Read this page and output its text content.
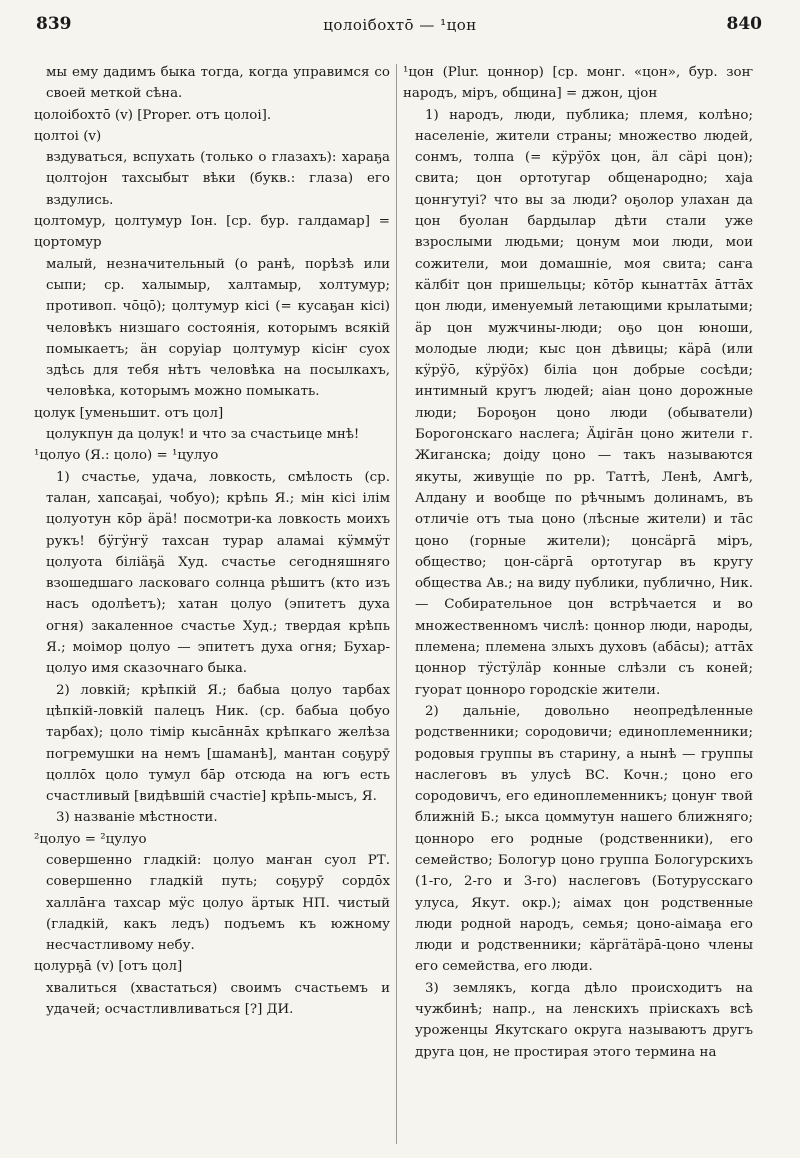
839	цолоібохтō — ¹цон	840

мы ему дадимъ быка тогда, когда управимся со своей меткой сѣна.

цолоібохтō (v) [Proper. отъ цолоі].

цолтоі (v)

вздуваться, вспухать (только о глазахъ): хараҕа цолтојон тахсыбыт вѣки (букв.: глаза) его вздулись.

цолтомур, цолтумур Іон. [ср. бур. галдамар] = цортомур

малый, незначительный (о ранѣ, порѣзѣ или сыпи; ср. халымыр, халтамыр, холтумур; противоп. чōцō); цолтумур кісі (= кусаҕан кісі) человѣкъ низшаго состоянія, которымъ всякій помыкаетъ; ӓн соруіар цолтумур кісіҥ суох здѣсь для тебя нѣтъ человѣка на посылкахъ, человѣка, которымъ можно помыкать.

цолук [уменьшит. отъ цол]

цолукпун да цолук! и что за счастьице мнѣ!

¹цолуо (Я.: цоло) = ¹цулуо

1) счастье, удача, ловкость, смѣлость (ср. талан, хапсаҕаі, чобуо); крѣпь Я.; мін кісі ілім цолуотун кōр ӓрӓ! посмотри-ка ловкость моихъ рукъ! бӱгӱҥӱ тахсан турар аламаі кӱммӱт цолуота біліӓҕӓ Худ. счастье сегодняшняго взошедшаго ласковаго солнца рѣшитъ (кто изъ насъ одолѣетъ); хатан цолуо (эпитетъ духа огня) закаленное счастье Худ.; твердая крѣпь Я.; моімор цолуо — эпитетъ духа огня; Бухар-цолуо имя сказочнаго быка.

2) ловкій; крѣпкій Я.; бабыа цолуо тарбах цѣпкій-ловкій палецъ Ник. (ср. бабыа цобуо тарбах); цоло тімір кысāннāх крѣпкаго желѣза погремушки на немъ [шаманѣ], мантан соҕурӯ цоллōх цоло тумул бāр отсюда на югъ есть счастливый [видѣвшій счастіе] крѣпь-мысъ, Я.

3) названіе мѣстности.

²цолуо = ²цулуо

совершенно гладкій: цолуо маҥан суол РТ. совершенно гладкій путь; соҕурӯ сордōх халлāҥа тахсар мӱс цолуо ӓртык НП. чистый (гладкій, какъ ледъ) подъемъ къ южному несчастливому небу.

цолурҕā (v) [отъ цол]

хвалиться (хвастаться) своимъ счастьемъ и удачей; осчастливливаться [?] ДИ.

¹цон (Plur. цоннор) [ср. монг. «цон», бур. зоҥ народъ, міръ, община] = джон, цјон

1) народъ, люди, публика; племя, колѣно; населеніе, жители страны; множество людей, сонмъ, толпа (= кӱрӱōх цон, ӓл сӓрі цон); свита; цон ортотугар общенародно; хаја цонҥутуі? что вы за люди? оҕолор улахан да цон буолан бардылар дѣти стали уже взрослыми людьми; цонум мои люди, мои сожители, мои домашніе, моя свита; саҥа кӓлбіт цон пришельцы; кōтōр кынаттāх āттāх цон люди, именуемый летающими крылатыми; ӓр цон мужчины-люди; оҕо цон юноши, молодые люди; кыс цон дѣвицы; кӓрā (или кӱрӱō, кӱрӱōх) біліа цон добрые сосѣди; интимный кругъ людей; аіан цоно дорожные люди; Бороҕон цоно люди (обыватели) Борогонскаго наслега; Ӓџігāн цоно жители г. Жиганска; доіду цоно — такъ называются якуты, живущіе по рр. Таттѣ, Ленѣ, Амгѣ, Алдану и вообще по рѣчнымъ долинамъ, въ отличіе отъ тыа цоно (лѣсные жители) и тāс цоно (горные жители); цонсӓргā міръ, общество; цон-сӓргā ортотугар въ кругу общества Ав.; на виду публики, публично, Ник. — Собирательное цон встрѣчается и во множественномъ числѣ: цоннор люди, народы, племена; племена злыхъ духовъ (абāсы); аттāх цоннор тӱстӱлӓр конные слѣзли съ коней; гуорат цонноро городскіе жители.

2) дальніе, довольно неопредѣленные родственники; сородовичи; единоплеменники; родовыя группы въ старину, а нынѣ — группы наслеговъ въ улусѣ ВС. Кочн.; цоно его сородовичъ, его единоплеменникъ; цонуҥ твой ближній Б.; ыкса цоммутун нашего ближняго; цонноро его родные (родственники), его семейство; Бологур цоно группа Бологурскихъ (1-го, 2-го и 3-го) наслеговъ (Ботурусскаго улуса, Якут. окр.); аімах цон родственные люди родной народъ, семья; цоно-аімаҕа его люди и родственники; кӓргӓтӓрā-цоно члены его семейства, его люди.

3) землякъ, когда дѣло происходитъ на чужбинѣ; напр., на ленскихъ пріискахъ всѣ уроженцы Якутскаго округа называютъ другъ друга цон, не простирая этого термина на
